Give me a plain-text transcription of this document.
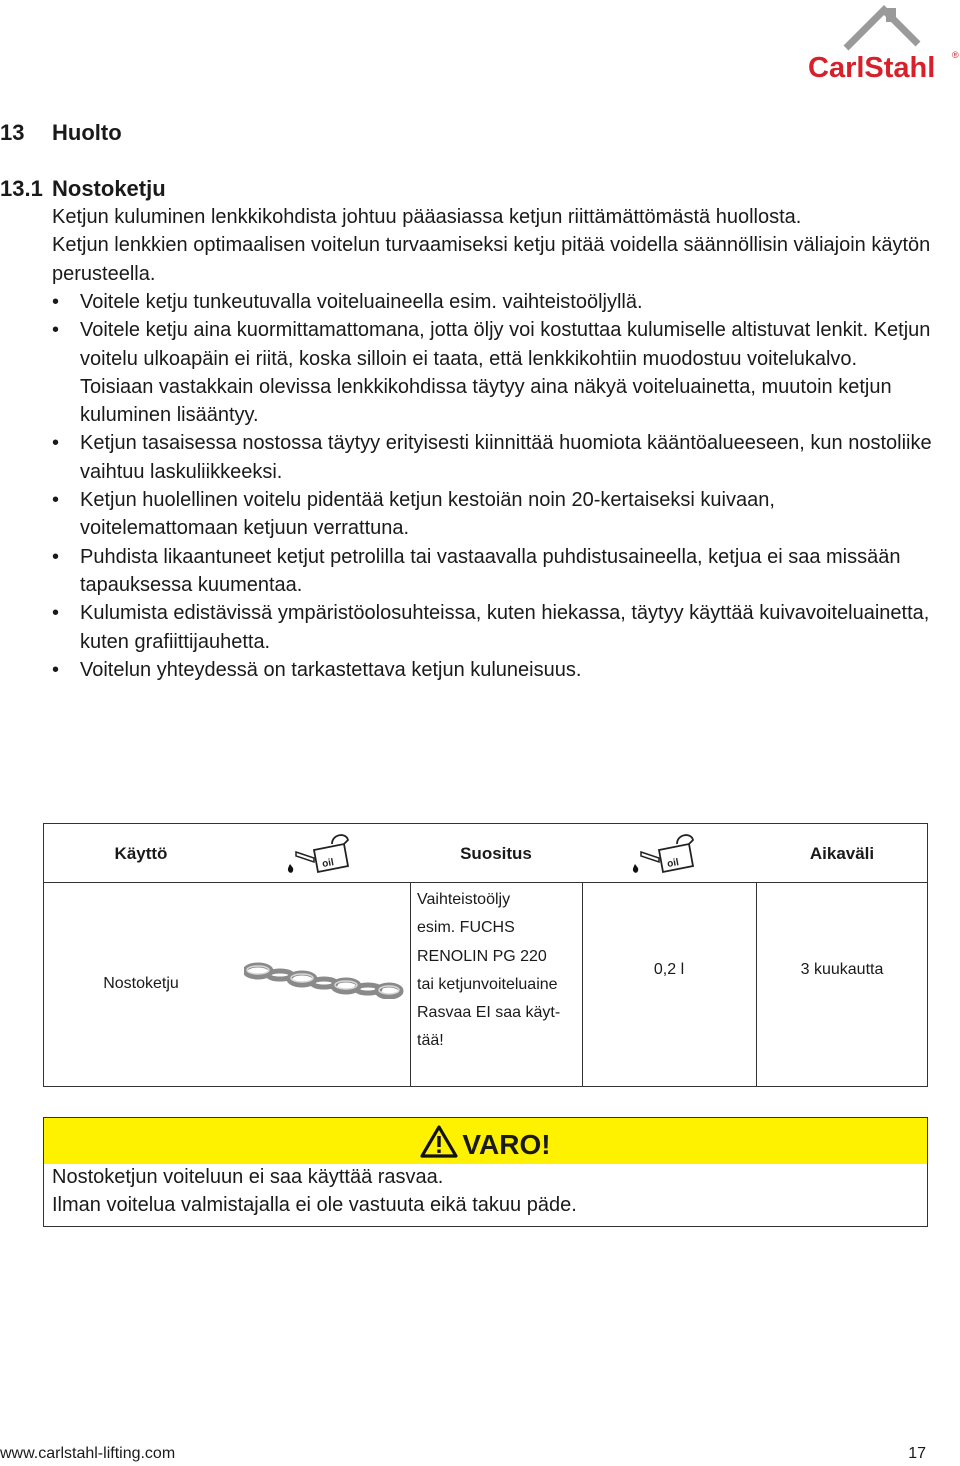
CarlStahl ®
13 Huolto
13.1 Nostoketju

Ketjun kuluminen lenkkikohdista johtuu pääasiassa ketjun riittämättömästä huollosta.

Ketjun lenkkien optimaalisen voitelun turvaamiseksi ketju pitää voidella säännöllisin väliajoin käytön perusteella.

• Voitele ketju tunkeutuvalla voiteluaineella esim. vaihteistoöljyllä.
• Voitele ketju aina kuormittamattomana, jotta öljy voi kostuttaa kulumiselle altistuvat lenkit. Ketjun voitelu ulkoapäin ei riitä, koska silloin ei taata, että lenkkikohtiin muodostuu voitelukalvo. Toisiaan vastakkain olevissa lenkkikohdissa täytyy aina näkyä voiteluainetta, muutoin ketjun kuluminen lisääntyy.
• Ketjun tasaisessa nostossa täytyy erityisesti kiinnittää huomiota kääntöalueeseen, kun nostoliike vaihtuu laskuliikkeeksi.
• Ketjun huolellinen voitelu pidentää ketjun kestoiän noin 20-kertaiseksi kuivaan, voitelemattomaan ketjuun verrattuna.
• Puhdista likaantuneet ketjut petrolilla tai vastaavalla puhdistusaineella, ketjua ei saa missään tapauksessa kuumentaa.
• Kulumista edistävissä ympäristöolosuhteissa, kuten hiekassa, täytyy käyttää kuivavoiteluainetta, kuten grafiittijauhetta.
• Voitelun yhteydessä on tarkastettava ketjun kuluneisuus.
Käyttö
oil
Suositus
oil
Aikaväli
Nostoketju
Vaihteistoöljy
esim. FUCHS
RENOLIN PG 220
tai ketjunvoiteluaine
Rasvaa EI saa käyt-
tää!
0,2 l	3 kuukautta
VARO!

Nostoketjun voiteluun ei saa käyttää rasvaa.

Ilman voitelua valmistajalla ei ole vastuuta eikä takuu päde.

www.carlstahl-lifting.com	17
